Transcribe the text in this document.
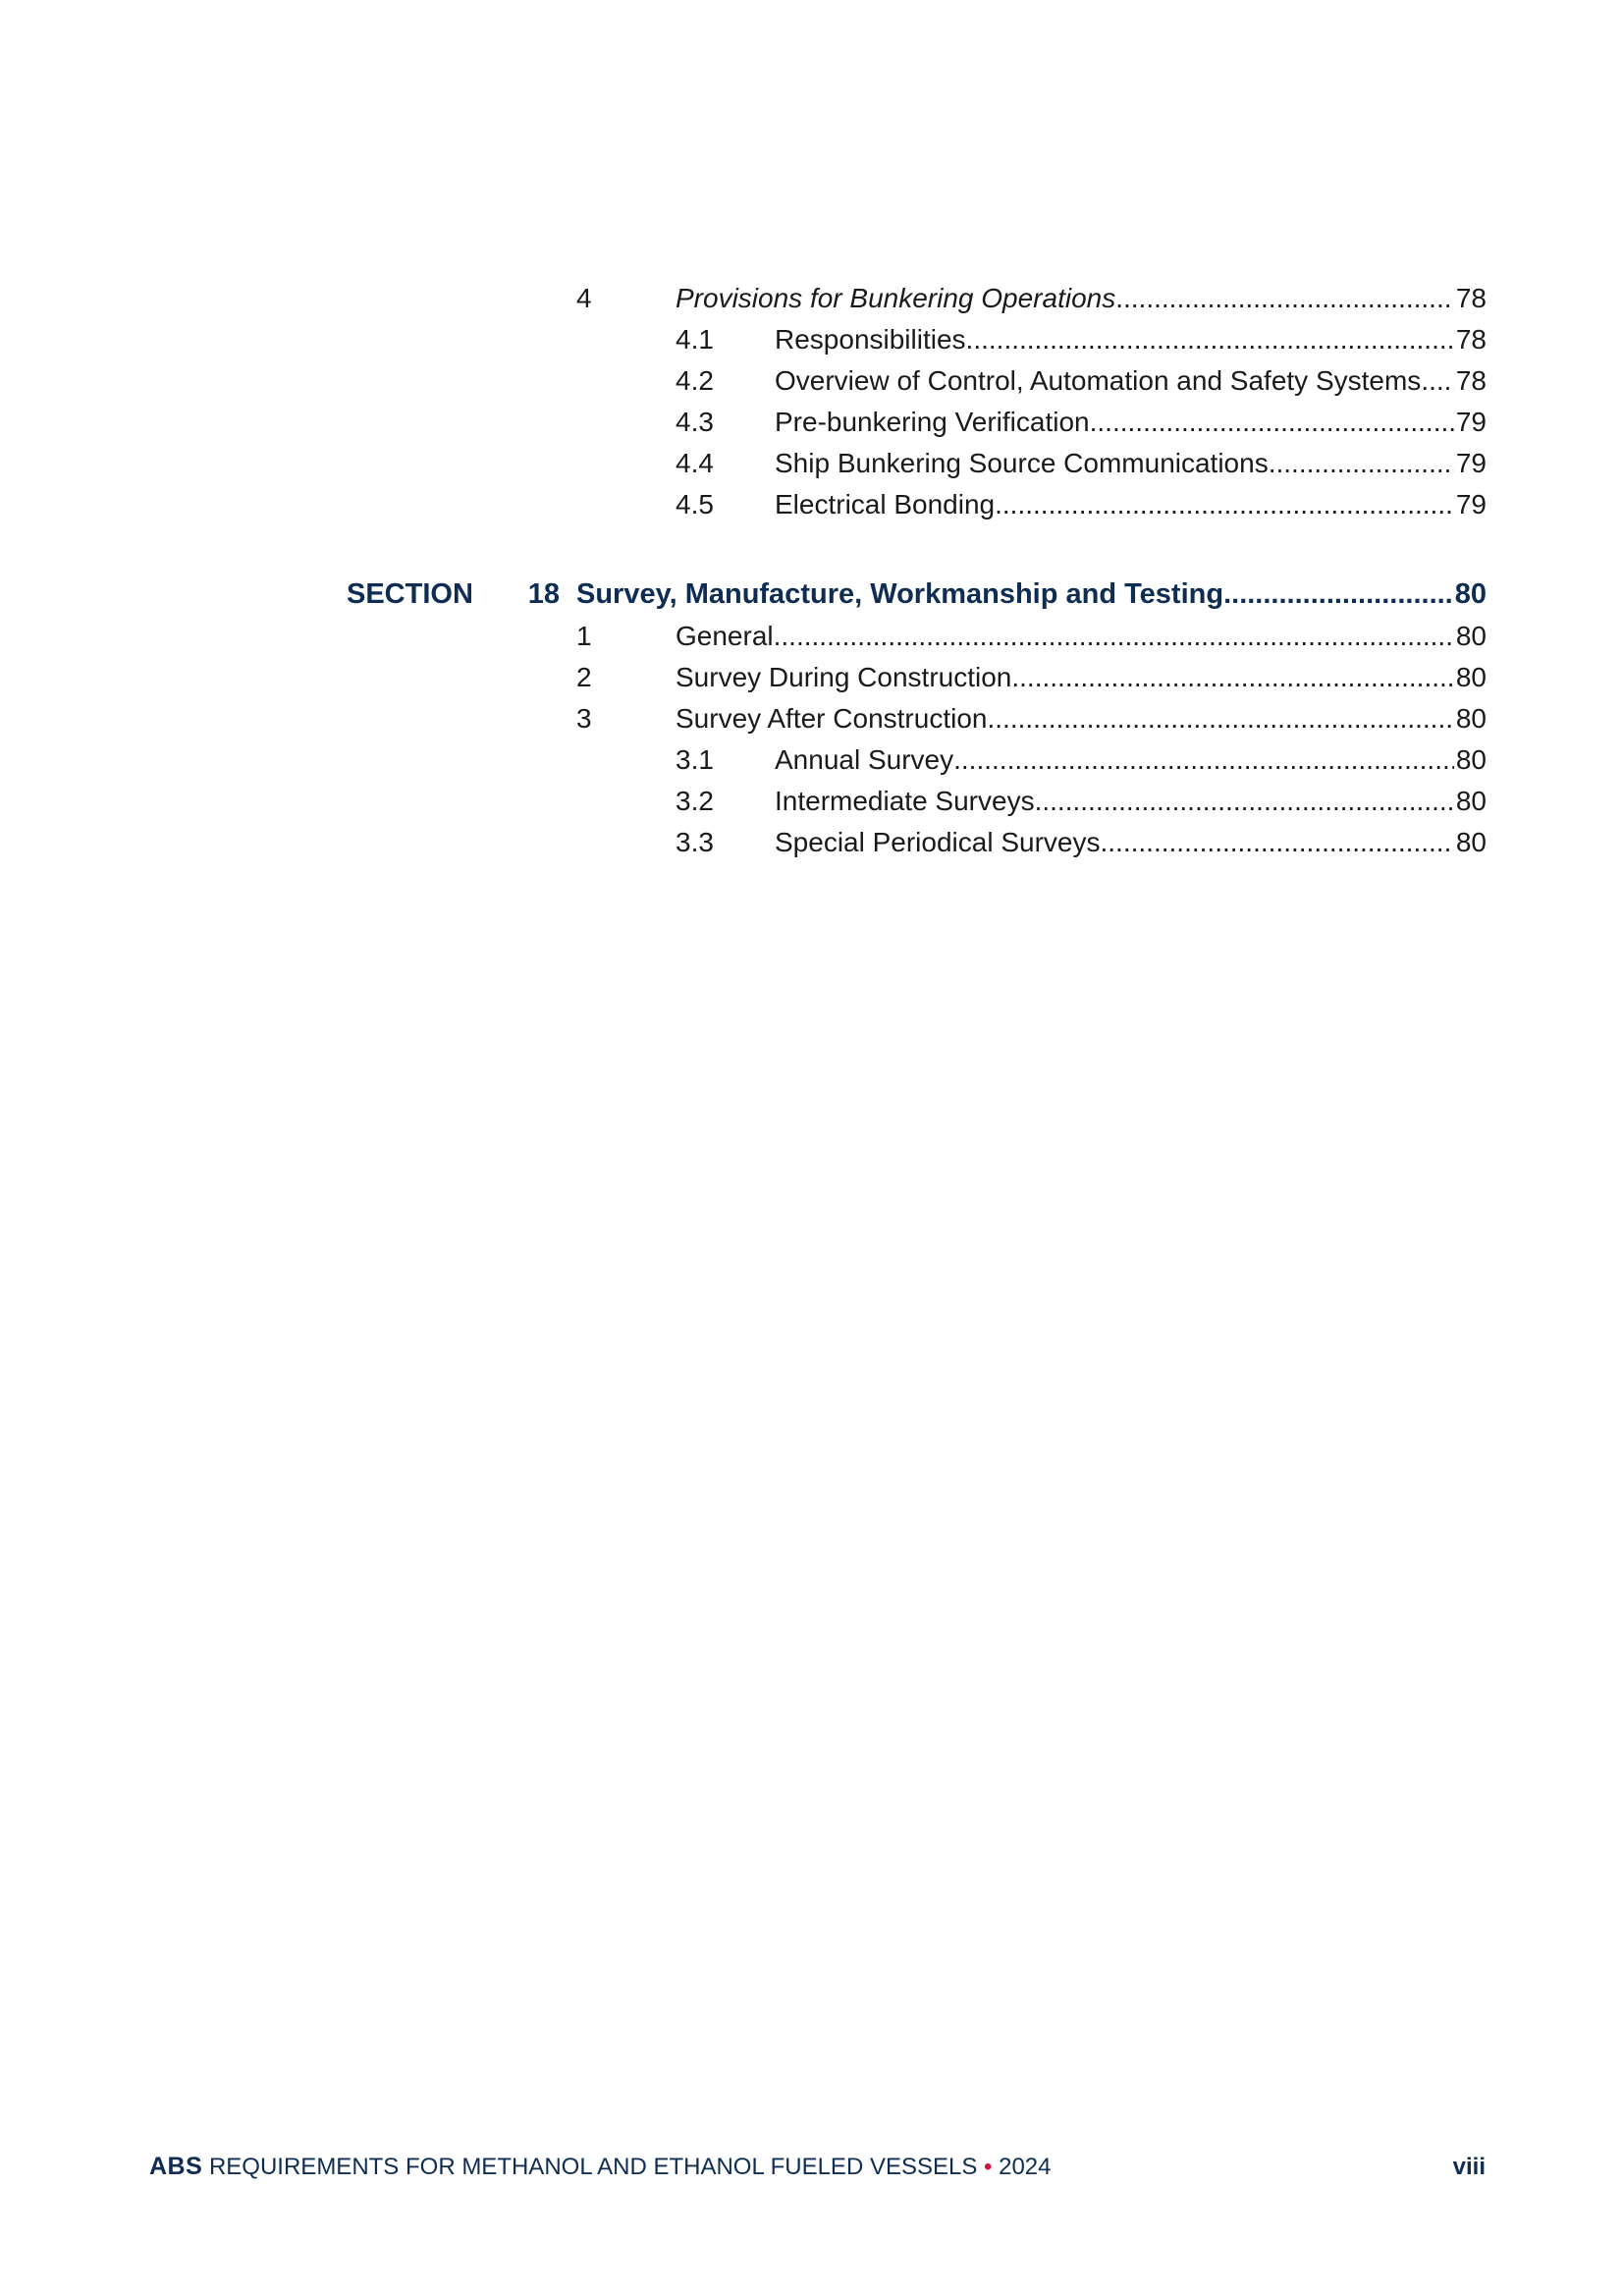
4	Provisions for Bunkering Operations .....	78
4.1	Responsibilities .....	78
4.2	Overview of Control, Automation and Safety Systems ..... 78
4.3	Pre-bunkering Verification .....	79
4.4	Ship Bunkering Source Communications .....	79
4.5	Electrical Bonding .....	79
SECTION	18 Survey, Manufacture, Workmanship and Testing .....	80
1	General .....	80
2	Survey During Construction .....	80
3	Survey After Construction .....	80
3.1	Annual Survey .....	80
3.2	Intermediate Surveys .....	80
3.3	Special Periodical Surveys .....	80
ABS REQUIREMENTS FOR METHANOL AND ETHANOL FUELED VESSELS • 2024	viii
